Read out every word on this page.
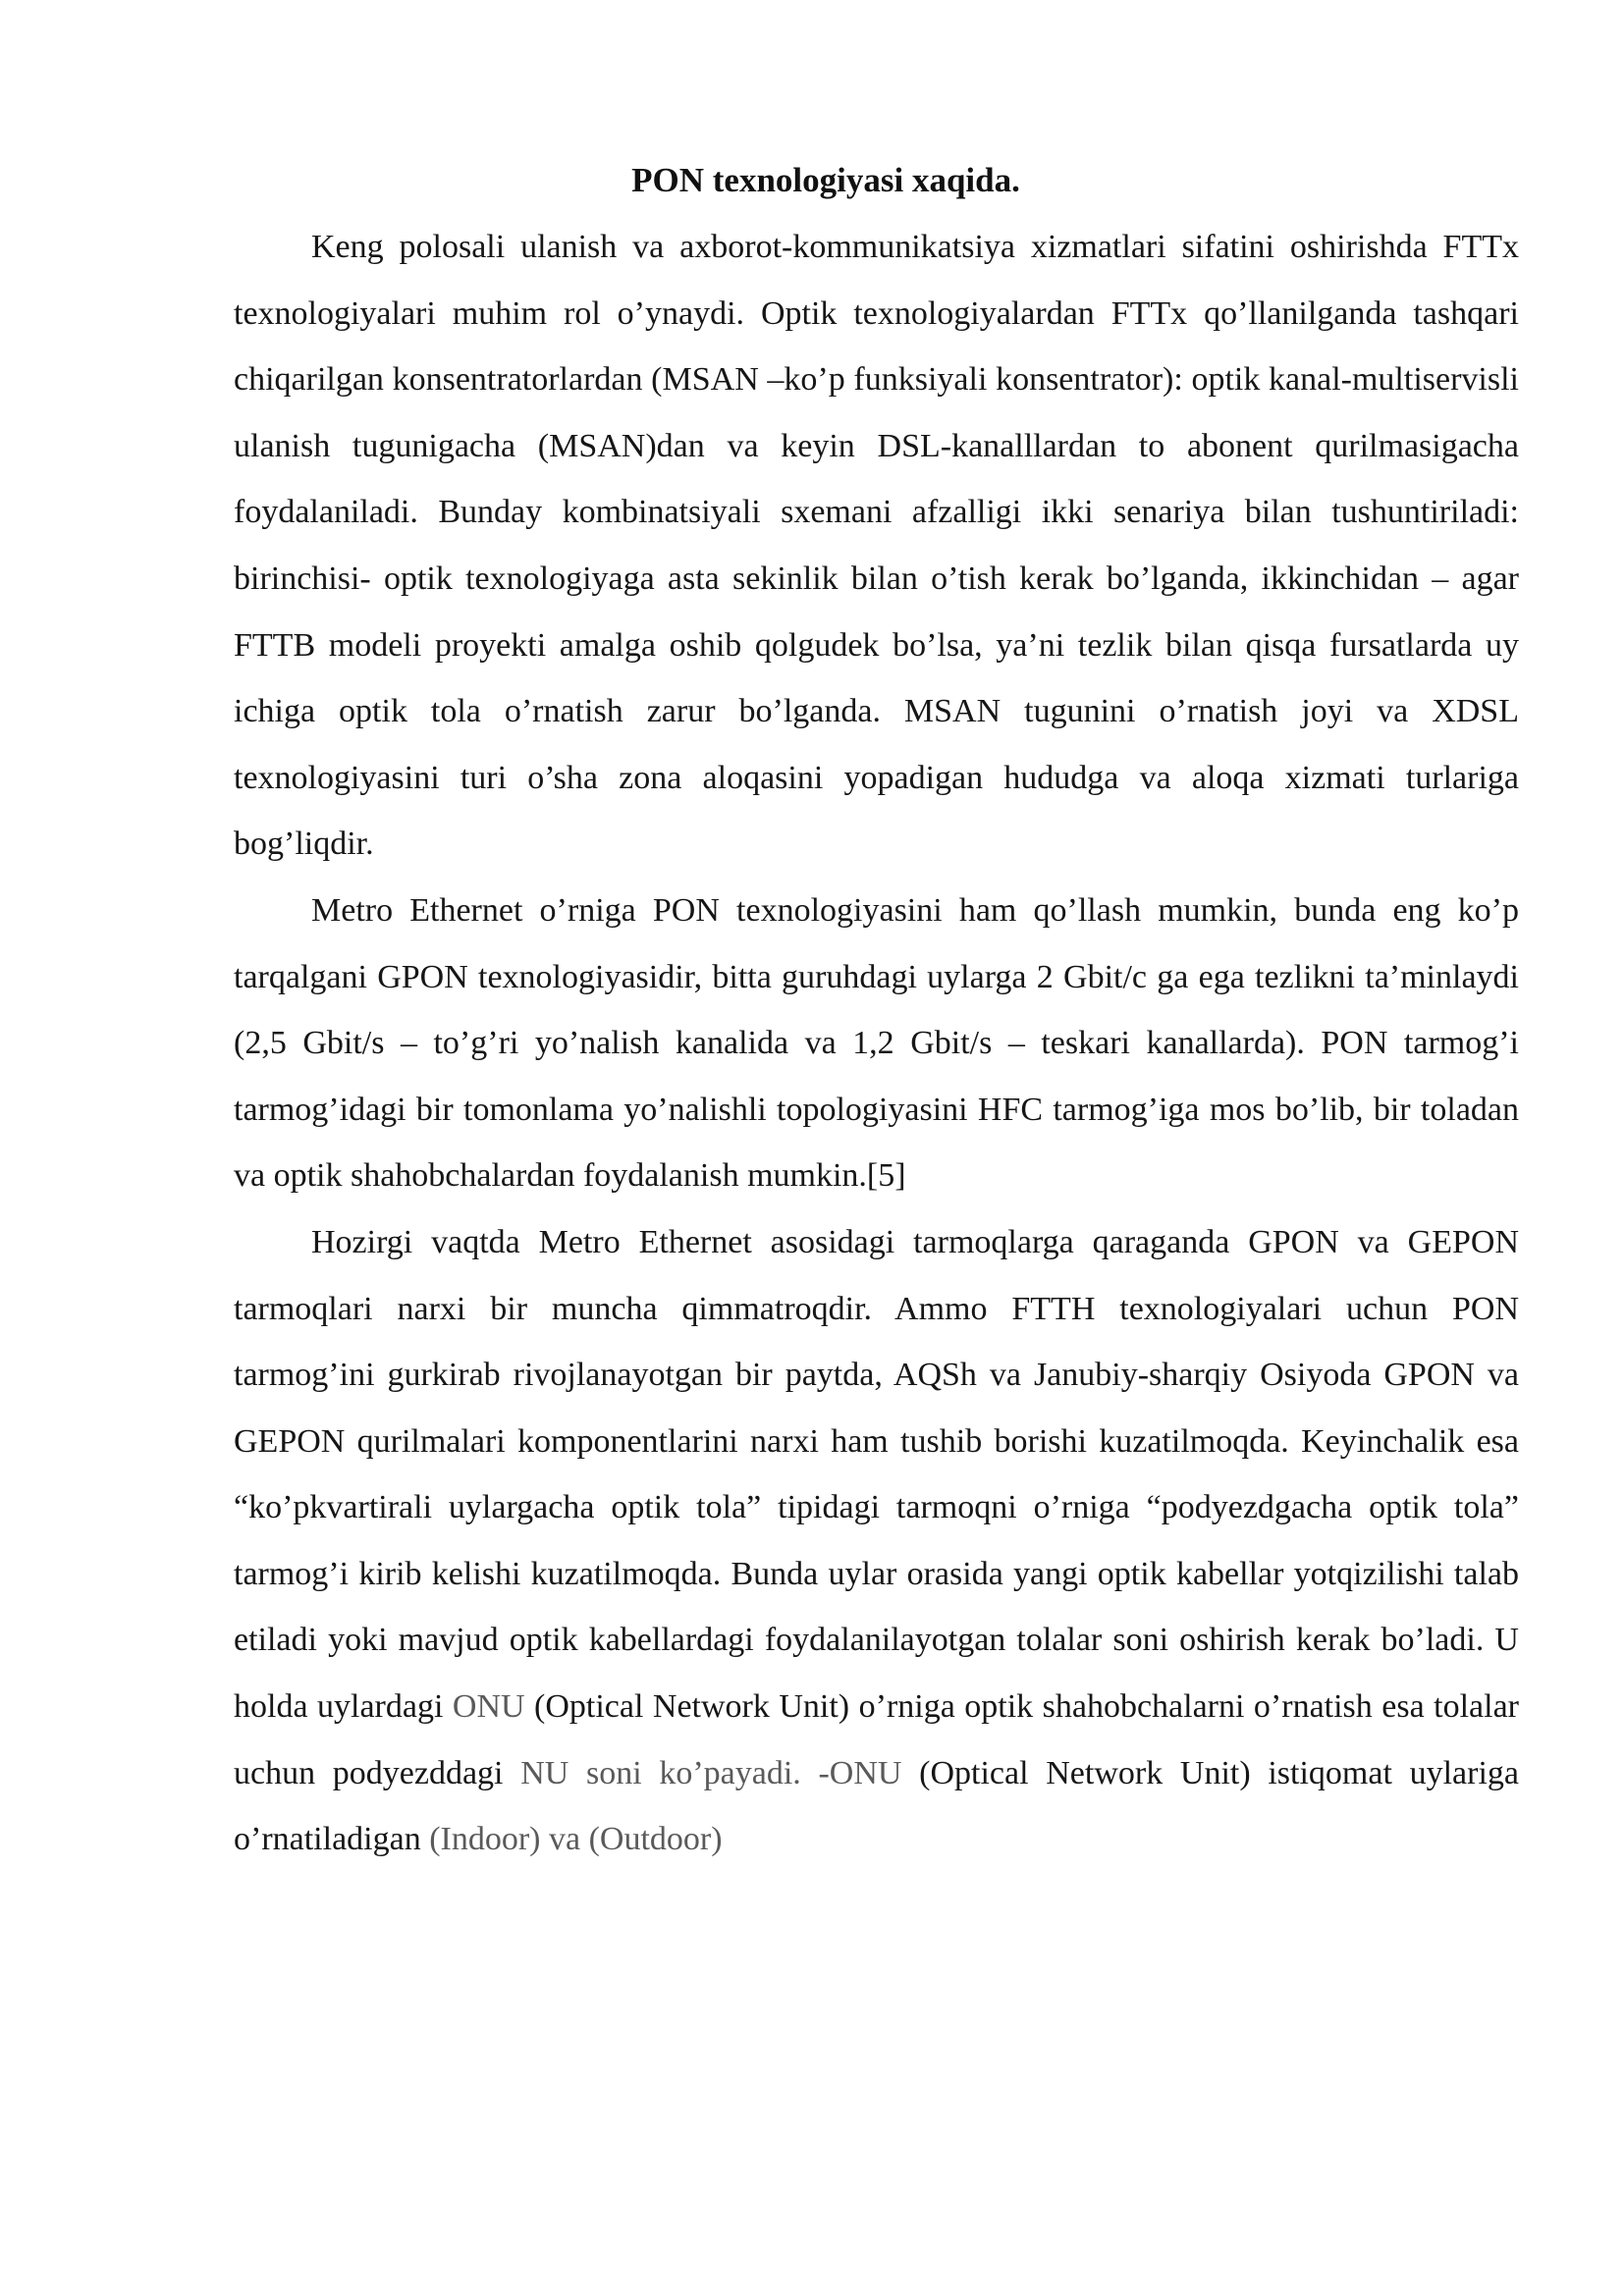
PON texnologiyasi xaqida.

Keng polosali ulanish va axborot-kommunikatsiya xizmatlari sifatini oshirishda FTTx texnologiyalari muhim rol o’ynaydi. Optik texnologiyalardan FTTx qo’llanilganda tashqari chiqarilgan konsentratorlardan (MSAN –ko’p funksiyali konsentrator): optik kanal-multiservisli ulanish tugunigacha (MSAN)dan va keyin DSL-kanalllardan to abonent qurilmasigacha foydalaniladi. Bunday kombinatsiyali sxemani afzalligi ikki senariya bilan tushuntiriladi: birinchisi- optik texnologiyaga asta sekinlik bilan o’tish kerak bo’lganda, ikkinchidan – agar FTTB modeli proyekti amalga oshib qolgudek bo’lsa, ya’ni tezlik bilan qisqa fursatlarda uy ichiga optik tola o’rnatish zarur bo’lganda. MSAN tugunini o’rnatish joyi va XDSL texnologiyasini turi o’sha zona aloqasini yopadigan hududga va aloqa xizmati turlariga bog’liqdir.

Metro Ethernet o’rniga PON texnologiyasini ham qo’llash mumkin, bunda eng ko’p tarqalgani GPON texnologiyasidir, bitta guruhdagi uylarga 2 Gbit/c ga ega tezlikni ta’minlaydi (2,5 Gbit/s – to’g’ri yo’nalish kanalida va 1,2 Gbit/s – teskari kanallarda). PON tarmog’i tarmog’idagi bir tomonlama yo’nalishli topologiyasini HFC tarmog’iga mos bo’lib, bir toladan va optik shahobchalardan foydalanish mumkin.[5]

Hozirgi vaqtda Metro Ethernet asosidagi tarmoqlarga qaraganda GPON va GEPON tarmoqlari narxi bir muncha qimmatroqdir. Ammo FTTH texnologiyalari uchun PON tarmog’ini gurkirab rivojlanayotgan bir paytda, AQSh va Janubiy-sharqiy Osiyoda GPON va GEPON qurilmalari komponentlarini narxi ham tushib borishi kuzatilmoqda. Keyinchalik esa “ko’pkvartirali uylargacha optik tola” tipidagi tarmoqni o’rniga “podyezdgacha optik tola” tarmog’i kirib kelishi kuzatilmoqda. Bunda uylar orasida yangi optik kabellar yotqizilishi talab etiladi yoki mavjud optik kabellardagi foydalanilayotgan tolalar soni oshirish kerak bo’ladi. U holda uylardagi ONU (Optical Network Unit) o’rniga optik shahobchalarni o’rnatish esa tolalar uchun podyezddagi NU soni ko’payadi. -ONU (Optical Network Unit) istiqomat uylariga o’rnatiladigan (Indoor) va (Outdoor)
